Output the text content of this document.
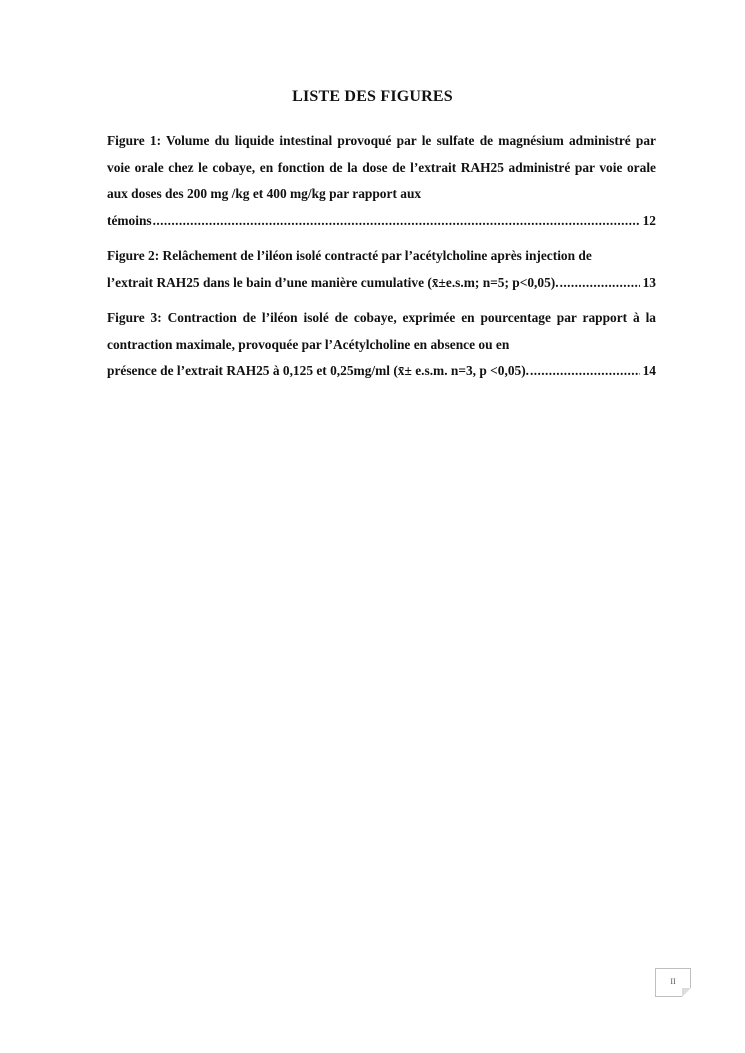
LISTE DES FIGURES
Figure 1: Volume du liquide intestinal provoqué par le sulfate de magnésium administré par voie orale chez le cobaye, en fonction de la dose de l’extrait RAH25 administré par voie orale aux doses des 200 mg /kg et 400 mg/kg par rapport aux
témoins .....	12
Figure 2: Relâchement de l’iléon isolé contracté par l’acétylcholine après injection de
l’extrait RAH25 dans le bain d’une manière cumulative (x̄±e.s.m; n=5; p<0,05). .....	13
Figure 3: Contraction de l’iléon isolé de cobaye, exprimée en pourcentage par rapport à la contraction maximale, provoquée par l’Acétylcholine en absence ou en
présence de l’extrait RAH25 à 0,125 et 0,25mg/ml (x̄± e.s.m. n=3, p <0,05). .....	14
II
